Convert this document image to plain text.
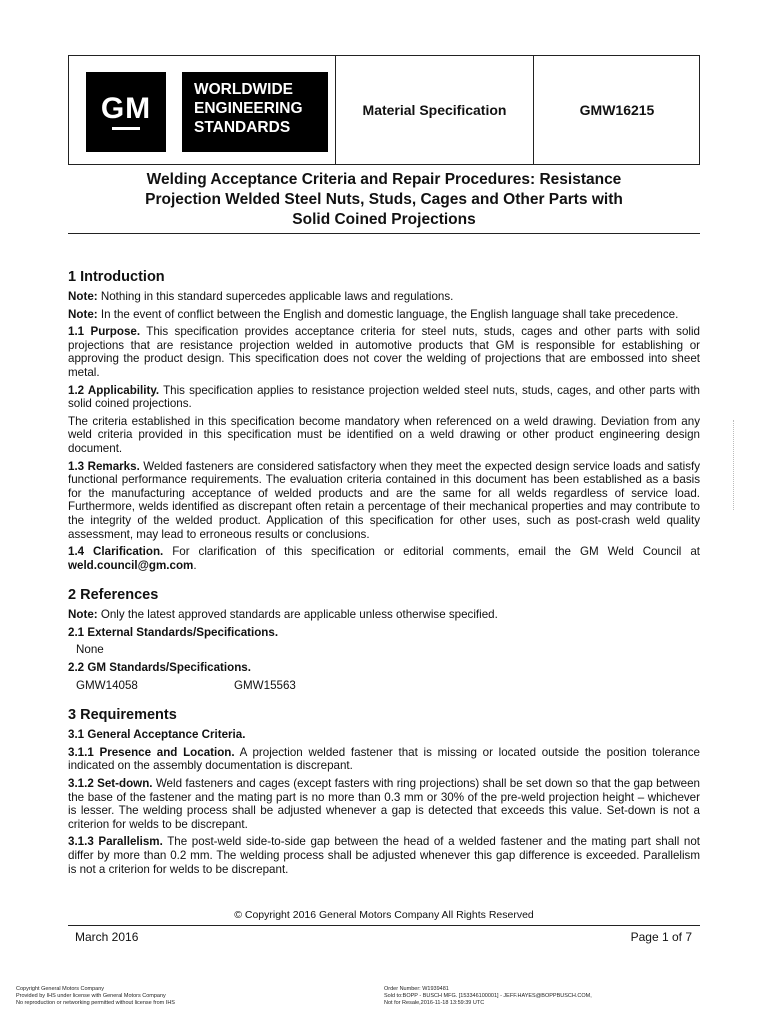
GM
WORLDWIDE
ENGINEERING
STANDARDS
Material Specification	GMW16215
Welding Acceptance Criteria and Repair Procedures: Resistance
Projection Welded Steel Nuts, Studs, Cages and Other Parts with
Solid Coined Projections
1 Introduction

Note: Nothing in this standard supercedes applicable laws and regulations.

Note: In the event of conflict between the English and domestic language, the English language shall take precedence.

1.1 Purpose. This specification provides acceptance criteria for steel nuts, studs, cages and other parts with solid projections that are resistance projection welded in automotive products that GM is responsible for establishing or approving the product design. This specification does not cover the welding of projections that are embossed into sheet metal.

1.2 Applicability. This specification applies to resistance projection welded steel nuts, studs, cages, and other parts with solid coined projections.

The criteria established in this specification become mandatory when referenced on a weld drawing. Deviation from any weld criteria provided in this specification must be identified on a weld drawing or other product engineering design document.

1.3 Remarks. Welded fasteners are considered satisfactory when they meet the expected design service loads and satisfy functional performance requirements. The evaluation criteria contained in this document has been established as a basis for the manufacturing acceptance of welded products and are the same for all welds regardless of service load. Furthermore, welds identified as discrepant often retain a percentage of their mechanical properties and may contribute to the integrity of the welded product. Application of this specification for other uses, such as post-crash weld quality assessment, may lead to erroneous results or conclusions.

1.4 Clarification. For clarification of this specification or editorial comments, email the GM Weld Council at weld.council@gm.com.

2 References

Note: Only the latest approved standards are applicable unless otherwise specified.

2.1 External Standards/Specifications.

None

2.2 GM Standards/Specifications.

GMW14058	GMW15563

3 Requirements

3.1 General Acceptance Criteria.

3.1.1 Presence and Location. A projection welded fastener that is missing or located outside the position tolerance indicated on the assembly documentation is discrepant.

3.1.2 Set-down. Weld fasteners and cages (except fasters with ring projections) shall be set down so that the gap between the base of the fastener and the mating part is no more than 0.3 mm or 30% of the pre-weld projection height – whichever is lesser. The welding process shall be adjusted whenever a gap is detected that exceeds this value. Set-down is not a criterion for welds to be discrepant.

3.1.3 Parallelism. The post-weld side-to-side gap between the head of a welded fastener and the mating part shall not differ by more than 0.2 mm. The welding process shall be adjusted whenever this gap difference is exceeded. Parallelism is not a criterion for welds to be discrepant.

© Copyright 2016 General Motors Company All Rights Reserved
March 2016	Page 1 of 7
Copyright General Motors Company
Provided by IHS under license with General Motors Company
No reproduction or networking permitted without license from IHS
Order Number: W1939481
Sold to:BOPP - BUSCH MFG. [153346100001] - JEFF.HAYES@BOPPBUSCH.COM,
Not for Resale,2016-11-18 13:59:39 UTC
